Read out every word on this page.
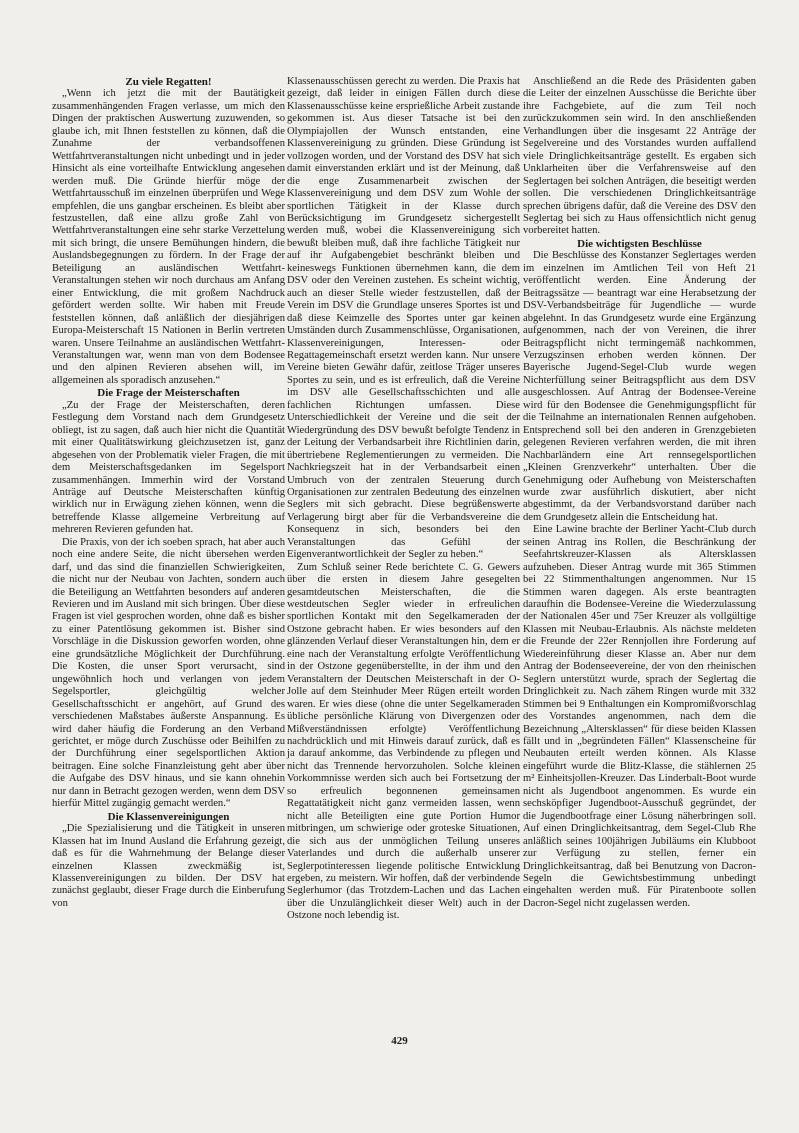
Zu viele Regatten!

„Wenn ich jetzt die mit der Bautätigkeit zusammenhängenden Fragen verlasse, um mich den Dingen der praktischen Auswertung zuzuwenden, so glaube ich, mit Ihnen feststellen zu können, daß die Zunahme der verbandsoffenen Wettfahrtveranstaltungen nicht unbedingt und in jeder Hinsicht als eine vorteilhafte Entwicklung angesehen werden muß. Die Gründe hierfür möge der Wettfahrtausschuß im einzelnen überprüfen und Wege empfehlen, die uns gangbar erscheinen. Es bleibt aber festzustellen, daß eine allzu große Zahl von Wettfahrtveranstaltungen eine sehr starke Verzettelung mit sich bringt, die unsere Bemühungen hindern, die Auslandsbegegnungen zu fördern. In der Frage der Beteiligung an ausländischen Wettfahrt-Veranstaltungen stehen wir noch durchaus am Anfang einer Entwicklung, die mit großem Nachdruck gefördert werden sollte. Wir haben mit Freude feststellen können, daß anläßlich der diesjährigen Europa-Meisterschaft 15 Nationen in Berlin vertreten waren. Unsere Teilnahme an ausländischen Wettfahrt-Veranstaltungen war, wenn man von dem Bodensee und den alpinen Revieren absehen will, im allgemeinen als sporadisch anzusehen.“

Die Frage der Meisterschaften

„Zu der Frage der Meisterschaften, deren Festlegung dem Vorstand nach dem Grundgesetz obliegt, ist zu sagen, daß auch hier nicht die Quantität mit einer Qualitätswirkung gleichzusetzen ist, ganz abgesehen von der Problematik vieler Fragen, die mit dem Meisterschaftsgedanken im Segelsport zusammenhängen. Immerhin wird der Vorstand Anträge auf Deutsche Meisterschaften künftig wirklich nur in Erwägung ziehen können, wenn die betreffende Klasse allgemeine Verbreitung auf mehreren Revieren gefunden hat.

Die Praxis, von der ich soeben sprach, hat aber auch noch eine andere Seite, die nicht übersehen werden darf, und das sind die finanziellen Schwierigkeiten, die nicht nur der Neubau von Jachten, sondern auch die Beteiligung an Wettfahrten besonders auf anderen Revieren und im Ausland mit sich bringen. Über diese Fragen ist viel gesprochen worden, ohne daß es bisher zu einer Patentlösung gekommen ist. Bisher sind Vorschläge in die Diskussion geworfen worden, ohne eine grundsätzliche Möglichkeit der Durchführung. Die Kosten, die unser Sport verursacht, sind ungewöhnlich hoch und verlangen von jedem Segelsportler, gleichgültig welcher Gesellschaftsschicht er angehört, auf Grund des verschiedenen Maßstabes äußerste Anspannung. Es wird daher häufig die Forderung an den Verband gerichtet, er möge durch Zuschüsse oder Beihilfen zu der Durchführung einer segelsportlichen Aktion beitragen. Eine solche Finanzleistung geht aber über die Aufgabe des DSV hinaus, und sie kann ohnehin nur dann in Betracht gezogen werden, wenn dem DSV hierfür Mittel zugängig gemacht werden.“

Die Klassenvereinigungen

„Die Spezialisierung und die Tätigkeit in unseren Klassen hat im Inund Ausland die Erfahrung gezeigt, daß es für die Wahrnehmung der Belange dieser einzelnen Klassen zweckmäßig ist, Klassenvereinigungen zu bilden. Der DSV hat zunächst geglaubt, dieser Frage durch die Einberufung von

Klassenausschüssen gerecht zu werden. Die Praxis hat gezeigt, daß leider in einigen Fällen durch diese Klassenausschüsse keine ersprießliche Arbeit zustande gekommen ist. Aus dieser Tatsache ist bei den Olympiajollen der Wunsch entstanden, eine Klassenvereinigung zu gründen. Diese Gründung ist vollzogen worden, und der Vorstand des DSV hat sich damit einverstanden erklärt und ist der Meinung, daß die enge Zusammenarbeit zwischen der Klassenvereinigung und dem DSV zum Wohle der sportlichen Tätigkeit in der Klasse durch Berücksichtigung im Grundgesetz sichergestellt werden muß, wobei die Klassenvereinigung sich bewußt bleiben muß, daß ihre fachliche Tätigkeit nur auf ihr Aufgabengebiet beschränkt bleiben und keineswegs Funktionen übernehmen kann, die dem DSV oder den Vereinen zustehen. Es scheint wichtig, auch an dieser Stelle wieder festzustellen, daß der Verein im DSV die Grundlage unseres Sportes ist und daß diese Keimzelle des Sportes unter gar keinen Umständen durch Zusammenschlüsse, Organisationen, Klassenvereinigungen, Interessen- oder Regattagemeinschaft ersetzt werden kann. Nur unsere Vereine bieten Gewähr dafür, zeitlose Träger unseres Sportes zu sein, und es ist erfreulich, daß die Vereine im DSV alle Gesellschaftsschichten und alle fachlichen Richtungen umfassen. Diese Unterschiedlichkeit der Vereine und die seit der Wiedergründung des DSV bewußt befolgte Tendenz in der Leitung der Verbandsarbeit ihre Richtlinien darin, übertriebene Reglementierungen zu vermeiden. Die Nachkriegszeit hat in der Verbandsarbeit einen Umbruch von der zentralen Steuerung durch Organisationen zur zentralen Bedeutung des einzelnen Seglers mit sich gebracht. Diese begrüßenswerte Verlagerung birgt aber für die Verbandsvereine die Konsequenz in sich, besonders bei den Veranstaltungen das Gefühl der Eigenverantwortlichkeit der Segler zu heben.“

Zum Schluß seiner Rede berichtete C. G. Gewers über die ersten in diesem Jahre gesegelten gesamtdeutschen Meisterschaften, die die westdeutschen Segler wieder in erfreulichen sportlichen Kontakt mit den Segelkameraden der Ostzone gebracht haben. Er wies besonders auf den glänzenden Verlauf dieser Veranstaltungen hin, dem er eine nach der Veranstaltung erfolgte Veröffentlichung in der Ostzone gegenüberstellte, in der ihm und den Veranstaltern der Deutschen Meisterschaft in der O-Jolle auf dem Steinhuder Meer Rügen erteilt worden waren. Er wies diese (ohne die unter Segelkameraden übliche persönliche Klärung von Divergenzen oder Mißverständnissen erfolgte) Veröffentlichung nachdrücklich und mit Hinweis darauf zurück, daß es ja darauf ankomme, das Verbindende zu pflegen und nicht das Trennende hervorzuholen. Solche kleinen Vorkommnisse werden sich auch bei Fortsetzung der so erfreulich begonnenen gemeinsamen Regattatätigkeit nicht ganz vermeiden lassen, wenn nicht alle Beteiligten eine gute Portion Humor mitbringen, um schwierige oder groteske Situationen, die sich aus der unmöglichen Teilung unseres Vaterlandes und durch die außerhalb unserer Seglerpotinteressen liegende politische Entwicklung ergeben, zu meistern. Wir hoffen, daß der verbindende Seglerhumor (das Trotzdem-Lachen und das Lachen über die Unzulänglichkeit dieser Welt) auch in der Ostzone noch lebendig ist.

Anschließend an die Rede des Präsidenten gaben die Leiter der einzelnen Ausschüsse die Berichte über ihre Fachgebiete, auf die zum Teil noch zurückzukommen sein wird. In den anschließenden Verhandlungen über die insgesamt 22 Anträge der Segelvereine und des Vorstandes wurden auffallend viele Dringlichkeitsanträge gestellt. Es ergaben sich Unklarheiten über die Verfahrensweise auf den Seglertagen bei solchen Anträgen, die beseitigt werden sollen. Die verschiedenen Dringlichkeitsanträge sprechen übrigens dafür, daß die Vereine des DSV den Seglertag bei sich zu Haus offensichtlich nicht genug vorbereitet hatten.

Die wichtigsten Beschlüsse

Die Beschlüsse des Konstanzer Seglertages werden im einzelnen im Amtlichen Teil von Heft 21 veröffentlicht werden. Eine Änderung der Beitragssätze — beantragt war eine Herabsetzung der DSV-Verbandsbeiträge für Jugendliche — wurde abgelehnt. In das Grundgesetz wurde eine Ergänzung aufgenommen, nach der von Vereinen, die ihrer Beitragspflicht nicht termingemäß nachkommen, Verzugszinsen erhoben werden können. Der Bayerische Jugend-Segel-Club wurde wegen Nichterfüllung seiner Beitragspflicht aus dem DSV ausgeschlossen. Auf Antrag der Bodensee-Vereine wird für den Bodensee die Genehmigungspflicht für die Teilnahme an internationalen Rennen aufgehoben. Entsprechend soll bei den anderen in Grenzgebieten gelegenen Revieren verfahren werden, die mit ihren Nachbarländern eine Art rennsegelsportlichen „Kleinen Grenzverkehr“ unterhalten. Über die Genehmigung oder Aufhebung von Meisterschaften wurde zwar ausführlich diskutiert, aber nicht abgestimmt, da der Verbandsvorstand darüber nach dem Grundgesetz allein die Entscheidung hat.

Eine Lawine brachte der Berliner Yacht-Club durch seinen Antrag ins Rollen, die Beschränkung der Seefahrtskreuzer-Klassen als Altersklassen aufzuheben. Dieser Antrag wurde mit 365 Stimmen bei 22 Stimmenthaltungen angenommen. Nur 15 Stimmen waren dagegen. Als erste beantragten daraufhin die Bodensee-Vereine die Wiederzulassung der Nationalen 45er und 75er Kreuzer als vollgültige Klassen mit Neubau-Erlaubnis. Als nächste meldeten die Freunde der 22er Rennjollen ihre Forderung auf Wiedereinführung dieser Klasse an. Aber nur dem Antrag der Bodenseevereine, der von den rheinischen Seglern unterstützt wurde, sprach der Seglertag die Dringlichkeit zu. Nach zähem Ringen wurde mit 332 Stimmen bei 9 Enthaltungen ein Kompromißvorschlag des Vorstandes angenommen, nach dem die Bezeichnung „Altersklassen“ für diese beiden Klassen fällt und in „begründeten Fällen“ Klassenscheine für Neubauten erteilt werden können. Als Klasse eingeführt wurde die Blitz-Klasse, die stählernen 25 m² Einheitsjollen-Kreuzer. Das Linderbalt-Boot wurde nicht als Jugendboot angenommen. Es wurde ein sechsköpfiger Jugendboot-Ausschuß gegründet, der die Jugendbootfrage einer Lösung näherbringen soll. Auf einen Dringlichkeitsantrag, dem Segel-Club Rhe anläßlich seines 100jährigen Jubiläums ein Klubboot zur Verfügung zu stellen, ferner ein Dringlichkeitsantrag, daß bei Benutzung von Dacron-Segeln die Gewichtsbestimmung unbedingt eingehalten werden muß. Für Piratenboote sollen Dacron-Segel nicht zugelassen werden.

429
